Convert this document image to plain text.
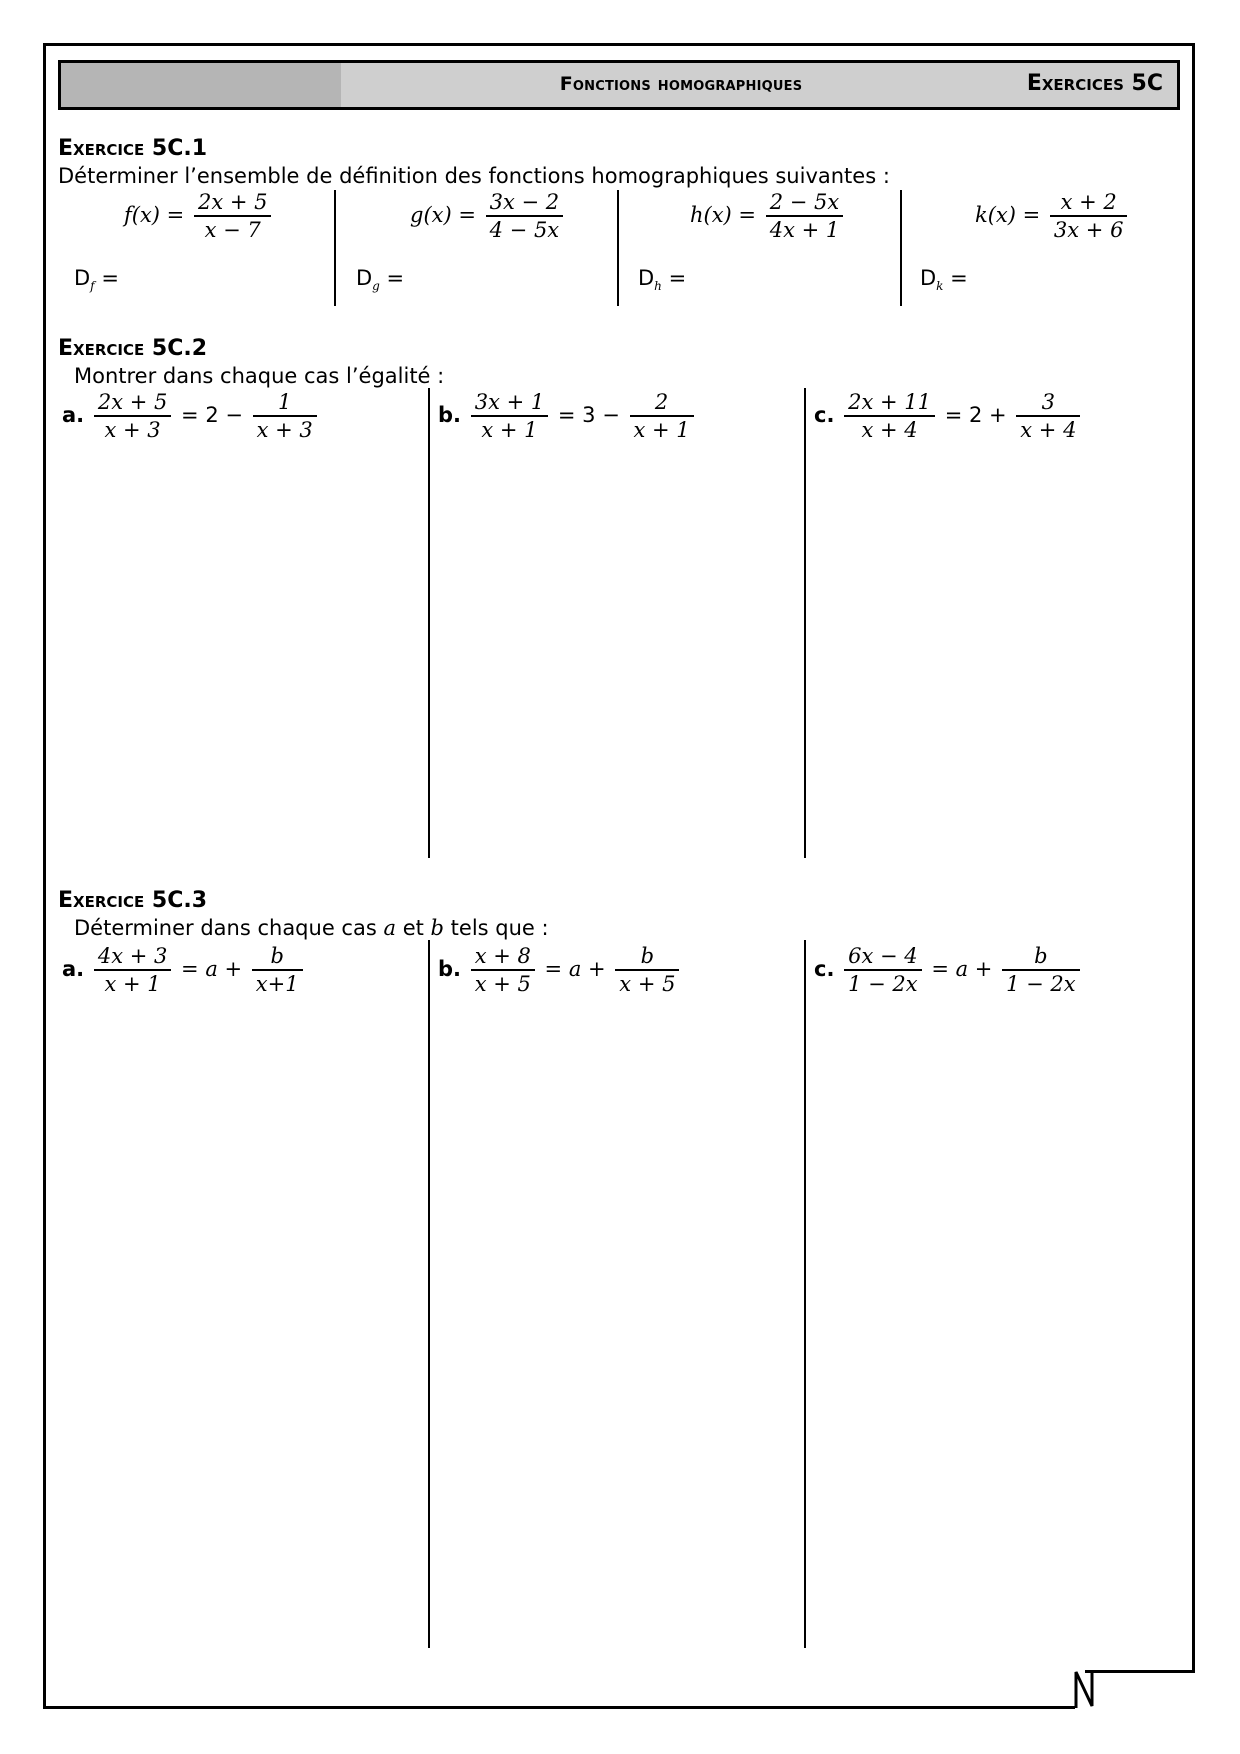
Fonctions homographiques	Exercices 5C
Exercice 5C.1
Déterminer l’ensemble de définition des fonctions homographiques suivantes :
$f(x) = \frac{2x + 5}{x - 7}$	$g(x) = \frac{3x - 2}{4 - 5x}$	$h(x) = \frac{2 - 5x}{4x + 1}$	$k(x) = \frac{x + 2}{3x + 6}$
$D_f$ =	$D_g$ =	$D_h$ =	$D_k$ =
Exercice 5C.2
Montrer dans chaque cas l’égalité :
a. $\frac{2x + 5}{x + 3} = 2 - \frac{1}{x + 3}$	b. $\frac{3x + 1}{x + 1} = 3 - \frac{2}{x + 1}$	c. $\frac{2x + 11}{x + 4} = 2 + \frac{3}{x + 4}$
Exercice 5C.3
Déterminer dans chaque cas a et b tels que :
a. $\frac{4x + 3}{x + 1} = a + \frac{b}{x+1}$	b. $\frac{x + 8}{x + 5} = a + \frac{b}{x + 5}$	c. $\frac{6x - 4}{1 - 2x} = a + \frac{b}{1 - 2x}$
